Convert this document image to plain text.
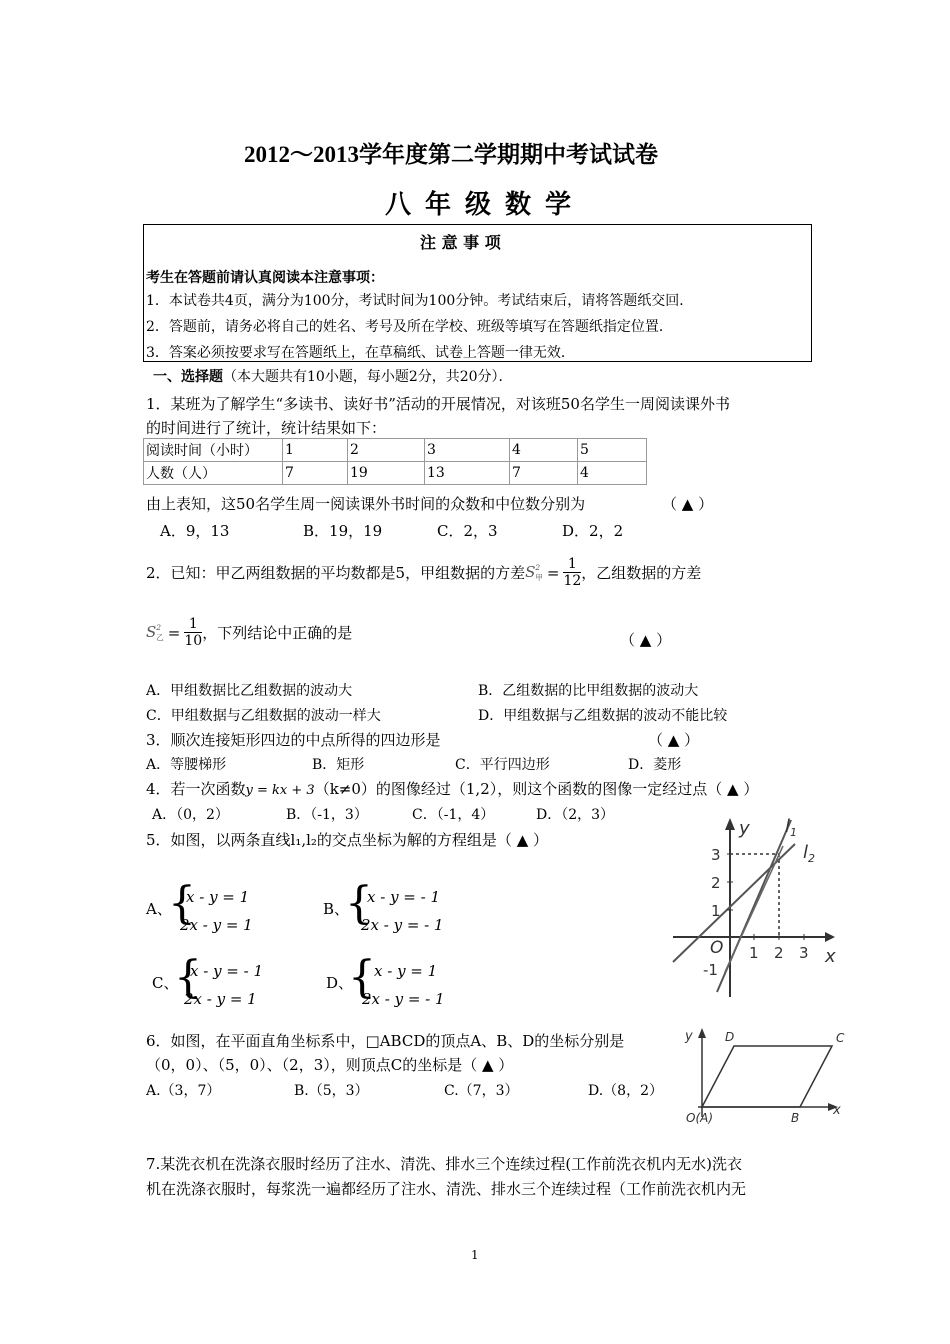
2012～2013学年度第二学期期中考试试卷
八年级数学
注 意 事 项
考生在答题前请认真阅读本注意事项：
1．本试卷共4页，满分为100分，考试时间为100分钟。考试结束后，请将答题纸交回．
2．答题前，请务必将自己的姓名、考号及所在学校、班级等填写在答题纸指定位置．
3．答案必须按要求写在答题纸上，在草稿纸、试卷上答题一律无效．
一、选择题（本大题共有10小题，每小题2分，共20分）．
1．某班为了解学生“多读书、读好书”活动的开展情况，对该班50名学生一周阅读课外书
的时间进行了统计，统计结果如下：
阅读时间（小时）	1	2	3	4	5
人数（人）	7	19	13	7	4
由上表知，这50名学生周一阅读课外书时间的众数和中位数分别为	（ ▲ ）
A．9，13	B．19，19	C．2，3	D．2，2
2．已知：甲乙两组数据的平均数都是5，甲组数据的方差S 2
甲 = $\frac{1}{12}$ ，乙组数据的方差
S 2
乙 = $\frac{1}{10}$ ，下列结论中正确的是	（ ▲ ）
A．甲组数据比乙组数据的波动大	B．乙组数据的比甲组数据的波动大
C．甲组数据与乙组数据的波动一样大	D．甲组数据与乙组数据的波动不能比较
3．顺次连接矩形四边的中点所得的四边形是	（ ▲ ）
A．等腰梯形	B．矩形	C．平行四边形	D．菱形
4．若一次函数y = kx + 3（k≠0）的图像经过（1,2），则这个函数的图像一定经过点（ ▲ ）
A．（0，2）	B．（-1，3）	C．（-1，4）	D．（2，3）
5．如图，以两条直线l₁,l₂的交点坐标为解的方程组是（ ▲ ）
A、
{
x - y = 1
2x - y = 1
B、
{
x - y = - 1
2x - y = - 1
C、
{
x - y = - 1
2x - y = 1
D、
{
x - y = 1
2x - y = - 1
y
x
O
3
2
1
-1
1 2 3
$l_1$
$l_2$
6．如图，在平面直角坐标系中，□ABCD的顶点A、B、D的坐标分别是
（0，0）、（5，0）、（2，3），则顶点C的坐标是（ ▲ ）
A.（3，7）	B.（5，3）	C.（7，3）	D.（8，2）
y
x
D	C
O(A)	B
7.某洗衣机在洗涤衣服时经历了注水、清洗、排水三个连续过程(工作前洗衣机内无水)洗衣
机在洗涤衣服时，每浆洗一遍都经历了注水、清洗、排水三个连续过程（工作前洗衣机内无
1
